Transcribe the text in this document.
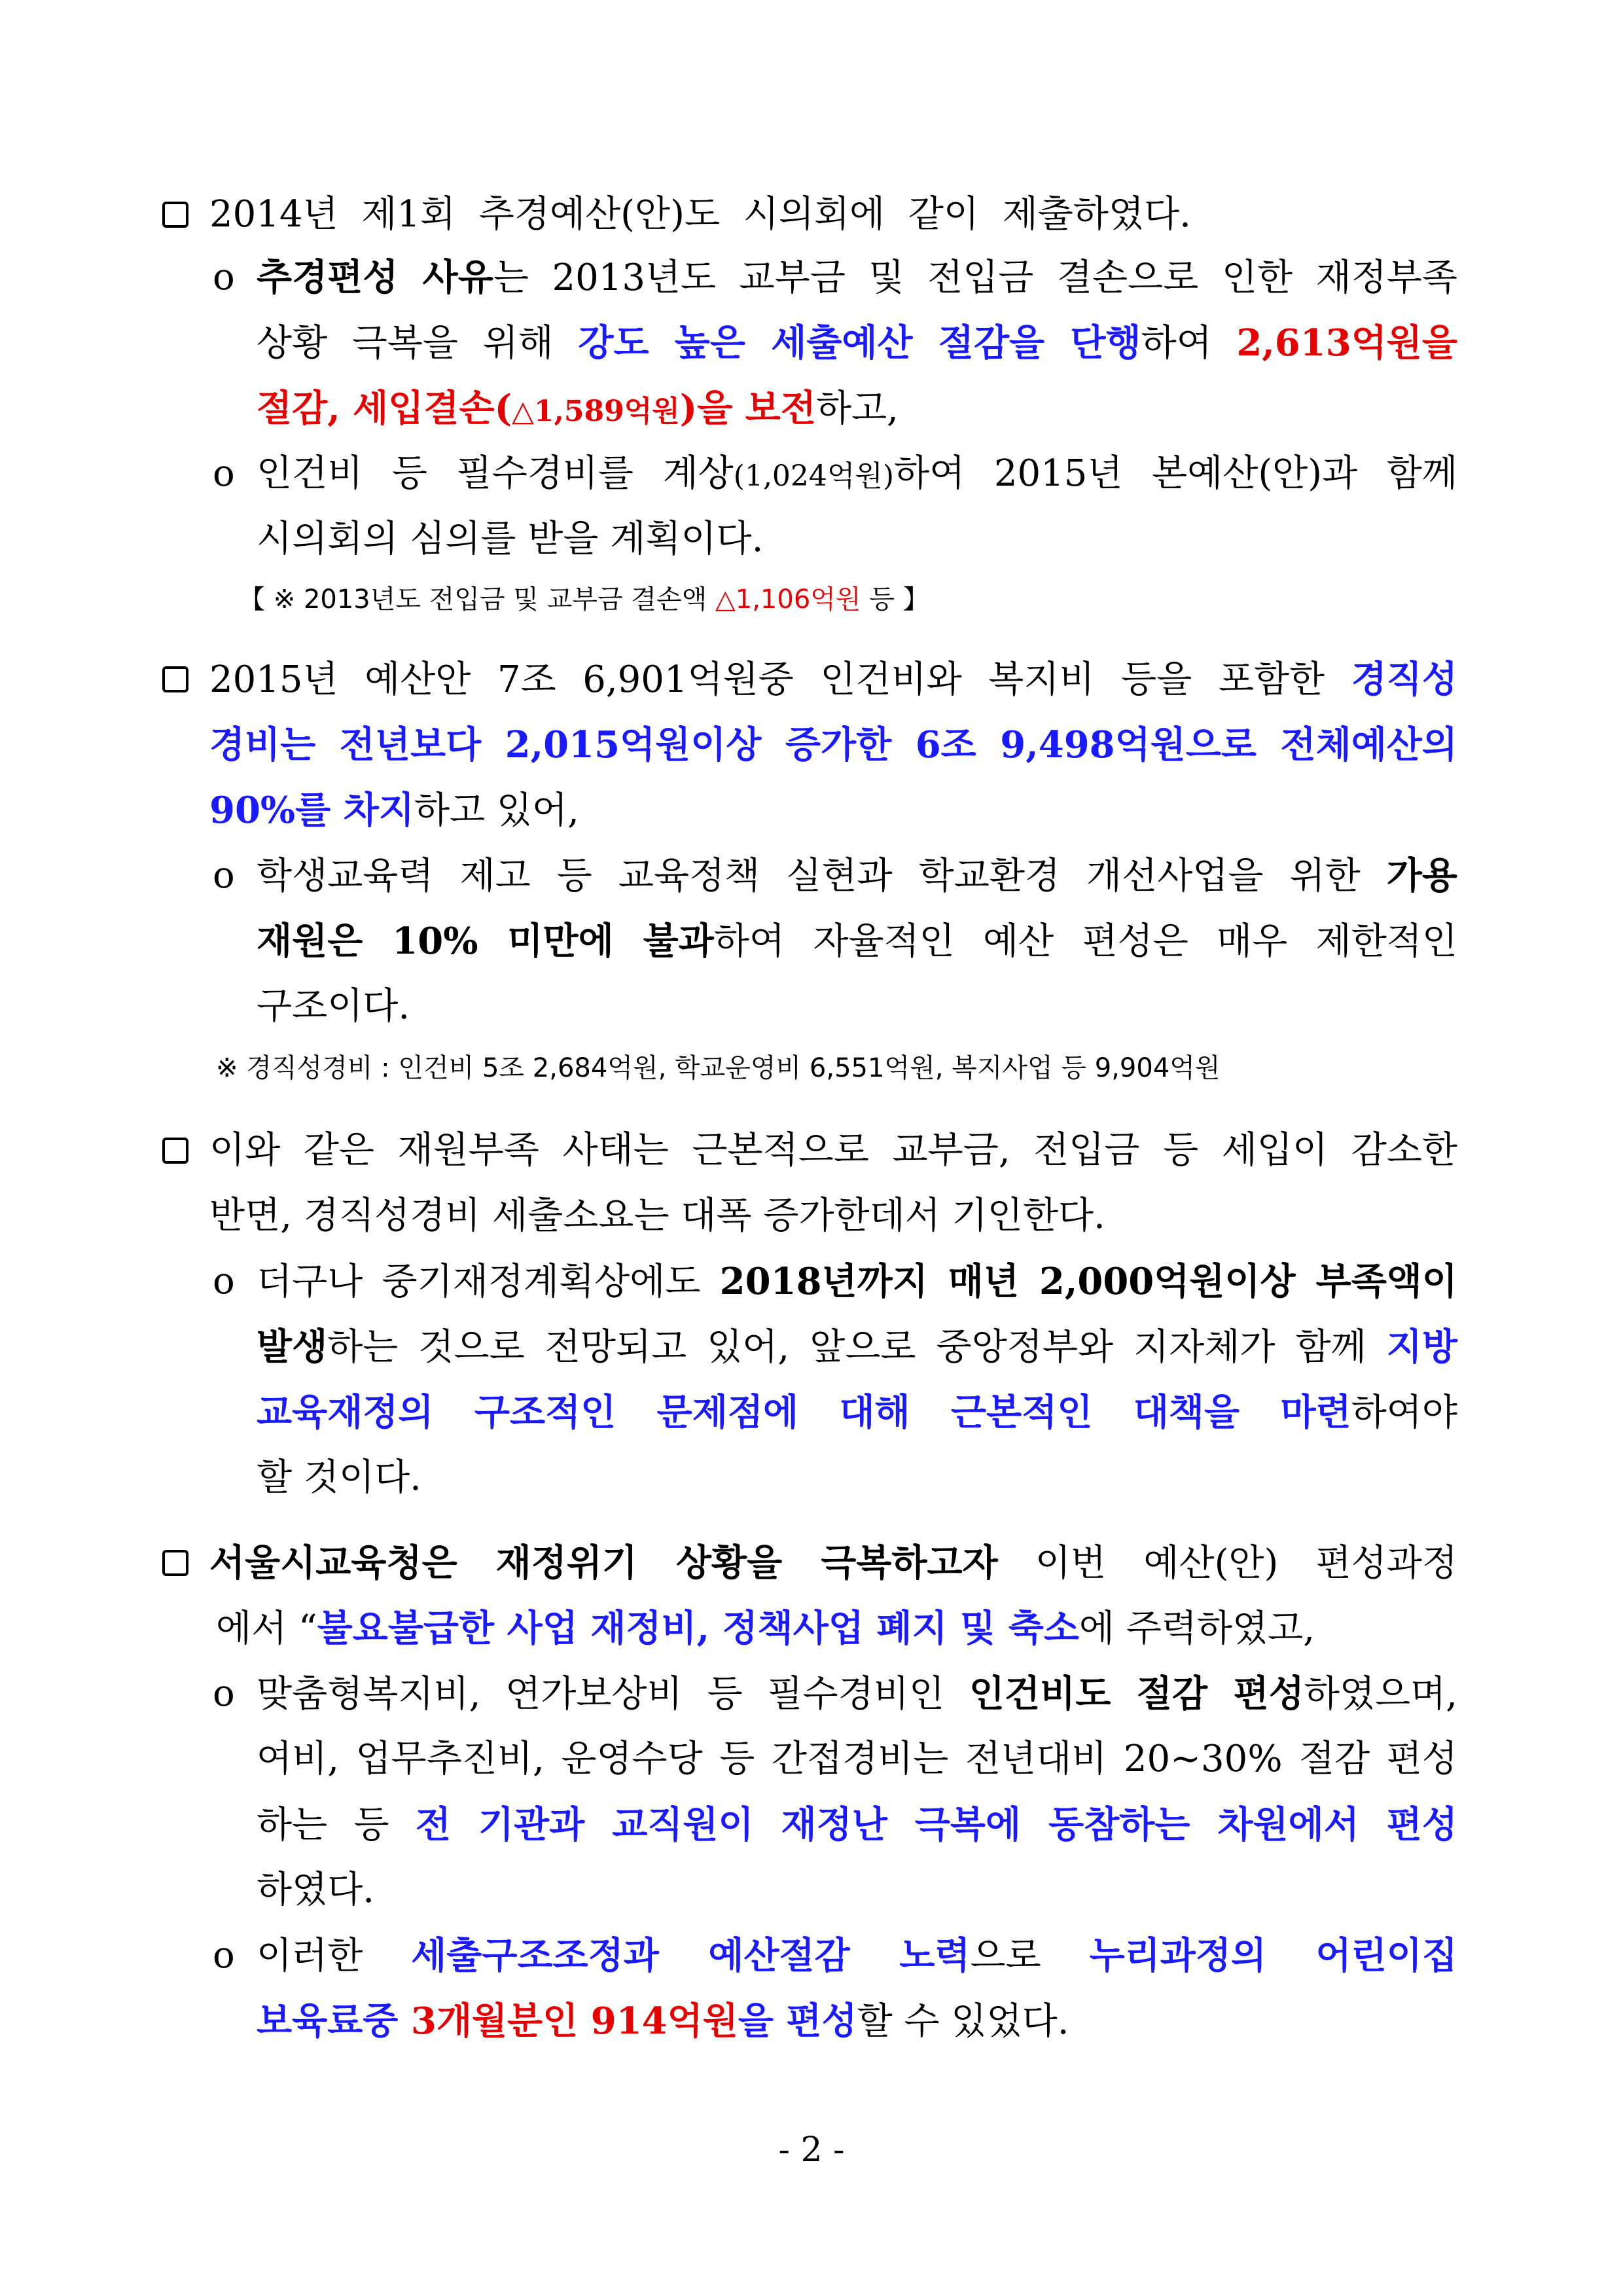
2014년 제1회 추경예산(안)도 시의회에 같이 제출하였다.
o 추경편성 사유는 2013년도 교부금 및 전입금 결손으로 인한 재정부족
상황 극복을 위해 강도 높은 세출예산 절감을 단행하여 2,613억원을
절감, 세입결손(△1,589억원)을 보전하고,
o 인건비 등 필수경비를 계상(1,024억원)하여 2015년 본예산(안)과 함께
시의회의 심의를 받을 계획이다.
【 ※ 2013년도 전입금 및 교부금 결손액 △1,106억원 등 】
2015년 예산안 7조 6,901억원중 인건비와 복지비 등을 포함한 경직성
경비는 전년보다 2,015억원이상 증가한 6조 9,498억원으로 전체예산의
90%를 차지하고 있어,
o 학생교육력 제고 등 교육정책 실현과 학교환경 개선사업을 위한 가용
재원은 10% 미만에 불과하여 자율적인 예산 편성은 매우 제한적인
구조이다.
※ 경직성경비 : 인건비 5조 2,684억원, 학교운영비 6,551억원, 복지사업 등 9,904억원
이와 같은 재원부족 사태는 근본적으로 교부금, 전입금 등 세입이 감소한
반면, 경직성경비 세출소요는 대폭 증가한데서 기인한다.
o 더구나 중기재정계획상에도 2018년까지 매년 2,000억원이상 부족액이
발생하는 것으로 전망되고 있어, 앞으로 중앙정부와 지자체가 함께 지방
교육재정의 구조적인 문제점에 대해 근본적인 대책을 마련하여야
할 것이다.
서울시교육청은 재정위기 상황을 극복하고자 이번 예산(안) 편성과정
에서 “불요불급한 사업 재정비, 정책사업 폐지 및 축소에 주력하였고,
o 맞춤형복지비, 연가보상비 등 필수경비인 인건비도 절감 편성하였으며,
여비, 업무추진비, 운영수당 등 간접경비는 전년대비 20~30% 절감 편성
하는 등 전 기관과 교직원이 재정난 극복에 동참하는 차원에서 편성
하였다.
o 이러한 세출구조조정과 예산절감 노력으로 누리과정의 어린이집
보육료중 3개월분인 914억원을 편성할 수 있었다.
- 2 -
